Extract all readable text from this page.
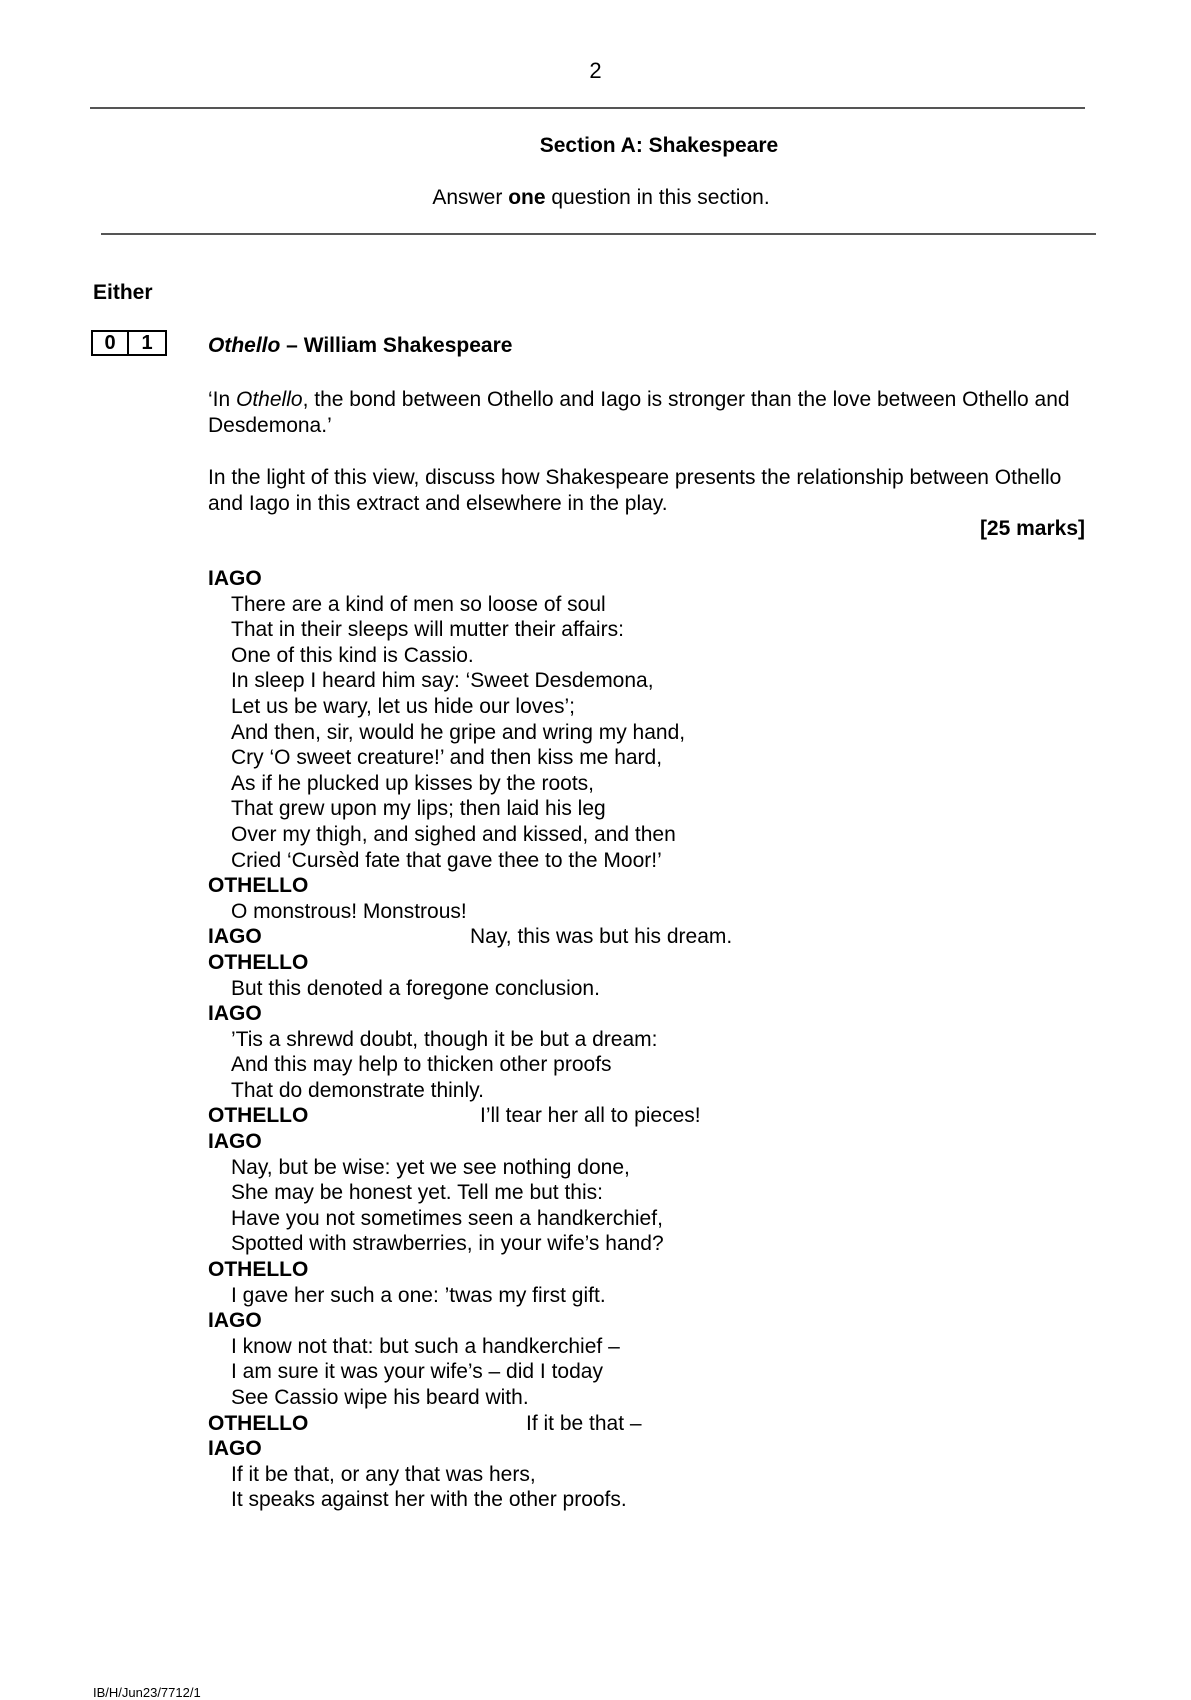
2
Section A: Shakespeare
Answer one question in this section.
Either
0	1	Othello – William Shakespeare
‘In Othello, the bond between Othello and Iago is stronger than the love between Othello and Desdemona.’
In the light of this view, discuss how Shakespeare presents the relationship between Othello and Iago in this extract and elsewhere in the play.
[25 marks]
IAGO
There are a kind of men so loose of soul
That in their sleeps will mutter their affairs:
One of this kind is Cassio.
In sleep I heard him say: ‘Sweet Desdemona,
Let us be wary, let us hide our loves’;
And then, sir, would he gripe and wring my hand,
Cry ‘O sweet creature!’ and then kiss me hard,
As if he plucked up kisses by the roots,
That grew upon my lips; then laid his leg
Over my thigh, and sighed and kissed, and then
Cried ‘Cursèd fate that gave thee to the Moor!’
OTHELLO
O monstrous! Monstrous!
IAGO	Nay, this was but his dream.
OTHELLO
But this denoted a foregone conclusion.
IAGO
’Tis a shrewd doubt, though it be but a dream:
And this may help to thicken other proofs
That do demonstrate thinly.
OTHELLO	I’ll tear her all to pieces!
IAGO
Nay, but be wise: yet we see nothing done,
She may be honest yet. Tell me but this:
Have you not sometimes seen a handkerchief,
Spotted with strawberries, in your wife’s hand?
OTHELLO
I gave her such a one: ’twas my first gift.
IAGO
I know not that: but such a handkerchief –
I am sure it was your wife’s – did I today
See Cassio wipe his beard with.
OTHELLO	If it be that –
IAGO
If it be that, or any that was hers,
It speaks against her with the other proofs.
IB/H/Jun23/7712/1
